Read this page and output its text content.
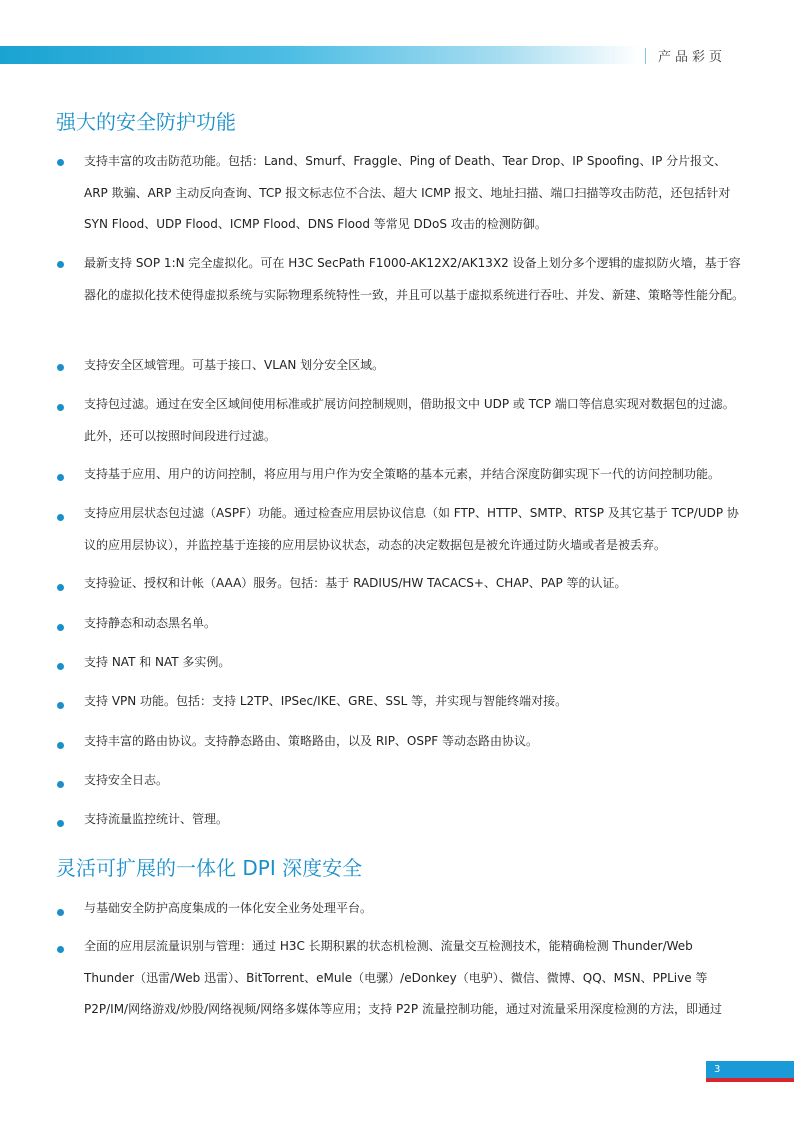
产品彩页
强大的安全防护功能
支持丰富的攻击防范功能。包括：Land、Smurf、Fraggle、Ping of Death、Tear Drop、IP Spoofing、IP 分片报文、ARP 欺骗、ARP 主动反向查询、TCP 报文标志位不合法、超大 ICMP 报文、地址扫描、端口扫描等攻击防范，还包括针对 SYN Flood、UDP Flood、ICMP Flood、DNS Flood 等常见 DDoS 攻击的检测防御。
最新支持 SOP 1:N 完全虚拟化。可在 H3C SecPath F1000-AK12X2/AK13X2 设备上划分多个逻辑的虚拟防火墙，基于容器化的虚拟化技术使得虚拟系统与实际物理系统特性一致，并且可以基于虚拟系统进行吞吐、并发、新建、策略等性能分配。
支持安全区域管理。可基于接口、VLAN 划分安全区域。
支持包过滤。通过在安全区域间使用标准或扩展访问控制规则，借助报文中 UDP 或 TCP 端口等信息实现对数据包的过滤。此外，还可以按照时间段进行过滤。
支持基于应用、用户的访问控制，将应用与用户作为安全策略的基本元素，并结合深度防御实现下一代的访问控制功能。
支持应用层状态包过滤（ASPF）功能。通过检查应用层协议信息（如 FTP、HTTP、SMTP、RTSP 及其它基于 TCP/UDP 协议的应用层协议），并监控基于连接的应用层协议状态，动态的决定数据包是被允许通过防火墙或者是被丢弃。
支持验证、授权和计帐（AAA）服务。包括：基于 RADIUS/HW TACACS+、CHAP、PAP 等的认证。
支持静态和动态黑名单。
支持 NAT 和 NAT 多实例。
支持 VPN 功能。包括：支持 L2TP、IPSec/IKE、GRE、SSL 等，并实现与智能终端对接。
支持丰富的路由协议。支持静态路由、策略路由，以及 RIP、OSPF 等动态路由协议。
支持安全日志。
支持流量监控统计、管理。
灵活可扩展的一体化 DPI 深度安全
与基础安全防护高度集成的一体化安全业务处理平台。
全面的应用层流量识别与管理：通过 H3C 长期积累的状态机检测、流量交互检测技术，能精确检测 Thunder/Web Thunder（迅雷/Web 迅雷）、BitTorrent、eMule（电骡）/eDonkey（电驴）、微信、微博、QQ、MSN、PPLive 等 P2P/IM/网络游戏/炒股/网络视频/网络多媒体等应用；支持 P2P 流量控制功能，通过对流量采用深度检测的方法，即通过
3
